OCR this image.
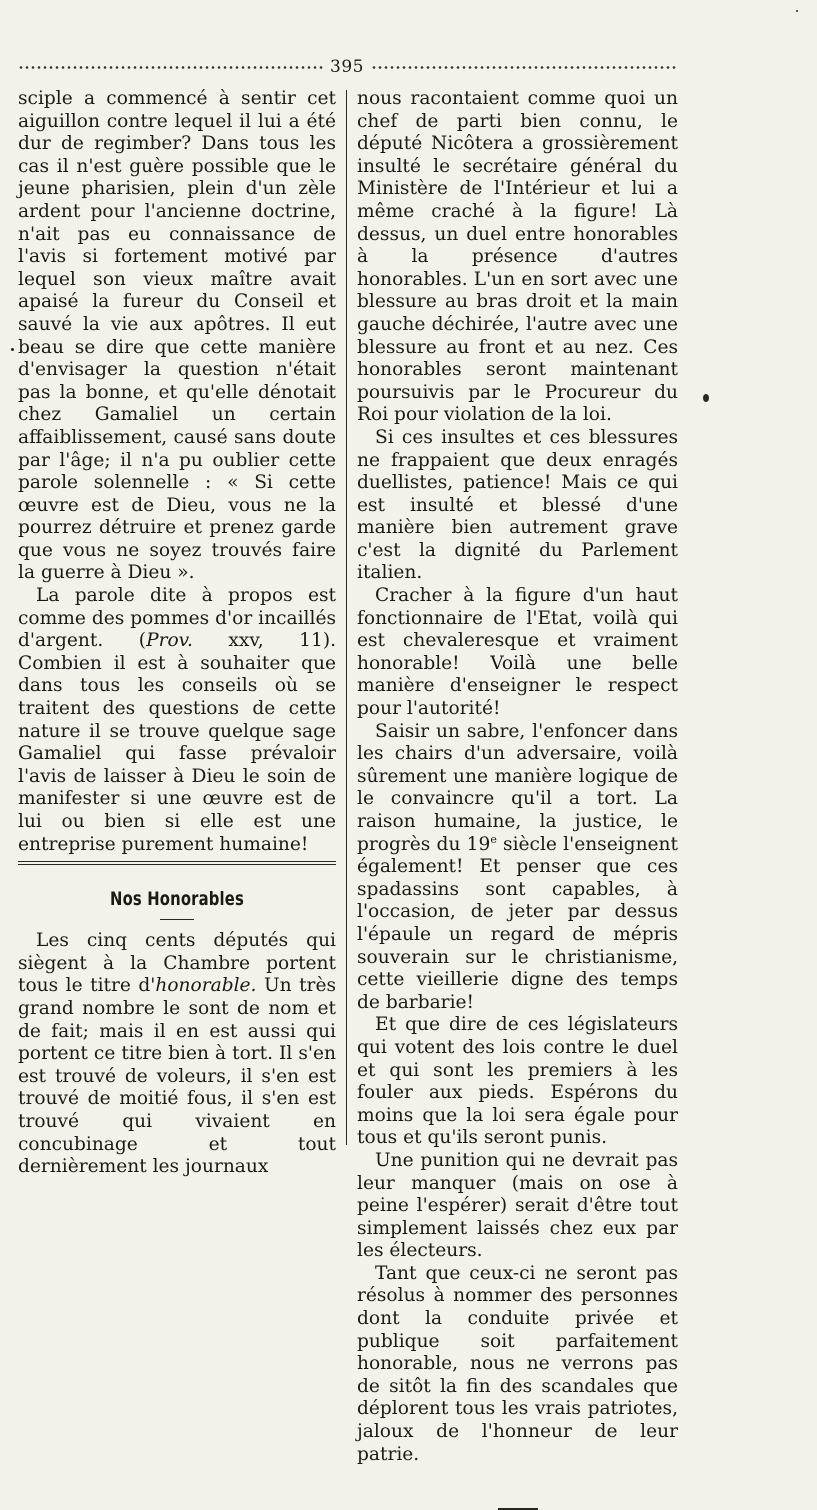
395

sciple a commencé à sentir cet aiguillon contre lequel il lui a été dur de regimber? Dans tous les cas il n'est guère possible que le jeune pharisien, plein d'un zèle ardent pour l'ancienne doctrine, n'ait pas eu connaissance de l'avis si fortement motivé par lequel son vieux maître avait apaisé la fureur du Conseil et sauvé la vie aux apôtres. Il eut beau se dire que cette manière d'envisager la question n'était pas la bonne, et qu'elle dénotait chez Gamaliel un certain affaiblissement, causé sans doute par l'âge; il n'a pu oublier cette parole solennelle : « Si cette œuvre est de Dieu, vous ne la pourrez détruire et prenez garde que vous ne soyez trouvés faire la guerre à Dieu ».

La parole dite à propos est comme des pommes d'or incaillés d'argent. (Prov. xxv, 11). Combien il est à souhaiter que dans tous les conseils où se traitent des questions de cette nature il se trouve quelque sage Gamaliel qui fasse prévaloir l'avis de laisser à Dieu le soin de manifester si une œuvre est de lui ou bien si elle est une entreprise purement humaine!

Nos Honorables

Les cinq cents députés qui siègent à la Chambre portent tous le titre d'honorable. Un très grand nombre le sont de nom et de fait; mais il en est aussi qui portent ce titre bien à tort. Il s'en est trouvé de voleurs, il s'en est trouvé de moitié fous, il s'en est trouvé qui vivaient en concubinage et tout dernièrement les journaux

nous racontaient comme quoi un chef de parti bien connu, le député Nicôtera a grossièrement insulté le secrétaire général du Ministère de l'Intérieur et lui a même craché à la figure! Là dessus, un duel entre honorables à la présence d'autres honorables. L'un en sort avec une blessure au bras droit et la main gauche déchirée, l'autre avec une blessure au front et au nez. Ces honorables seront maintenant poursuivis par le Procureur du Roi pour violation de la loi.

Si ces insultes et ces blessures ne frappaient que deux enragés duellistes, patience! Mais ce qui est insulté et blessé d'une manière bien autrement grave c'est la dignité du Parlement italien.

Cracher à la figure d'un haut fonctionnaire de l'Etat, voilà qui est chevaleresque et vraiment honorable! Voilà une belle manière d'enseigner le respect pour l'autorité!

Saisir un sabre, l'enfoncer dans les chairs d'un adversaire, voilà sûrement une manière logique de le convaincre qu'il a tort. La raison humaine, la justice, le progrès du 19e siècle l'enseignent également! Et penser que ces spadassins sont capables, à l'occasion, de jeter par dessus l'épaule un regard de mépris souverain sur le christianisme, cette vieillerie digne des temps de barbarie!

Et que dire de ces législateurs qui votent des lois contre le duel et qui sont les premiers à les fouler aux pieds. Espérons du moins que la loi sera égale pour tous et qu'ils seront punis.

Une punition qui ne devrait pas leur manquer (mais on ose à peine l'espérer) serait d'être tout simplement laissés chez eux par les électeurs.

Tant que ceux-ci ne seront pas résolus à nommer des personnes dont la conduite privée et publique soit parfaitement honorable, nous ne verrons pas de sitôt la fin des scandales que déplorent tous les vrais patriotes, jaloux de l'honneur de leur patrie.
